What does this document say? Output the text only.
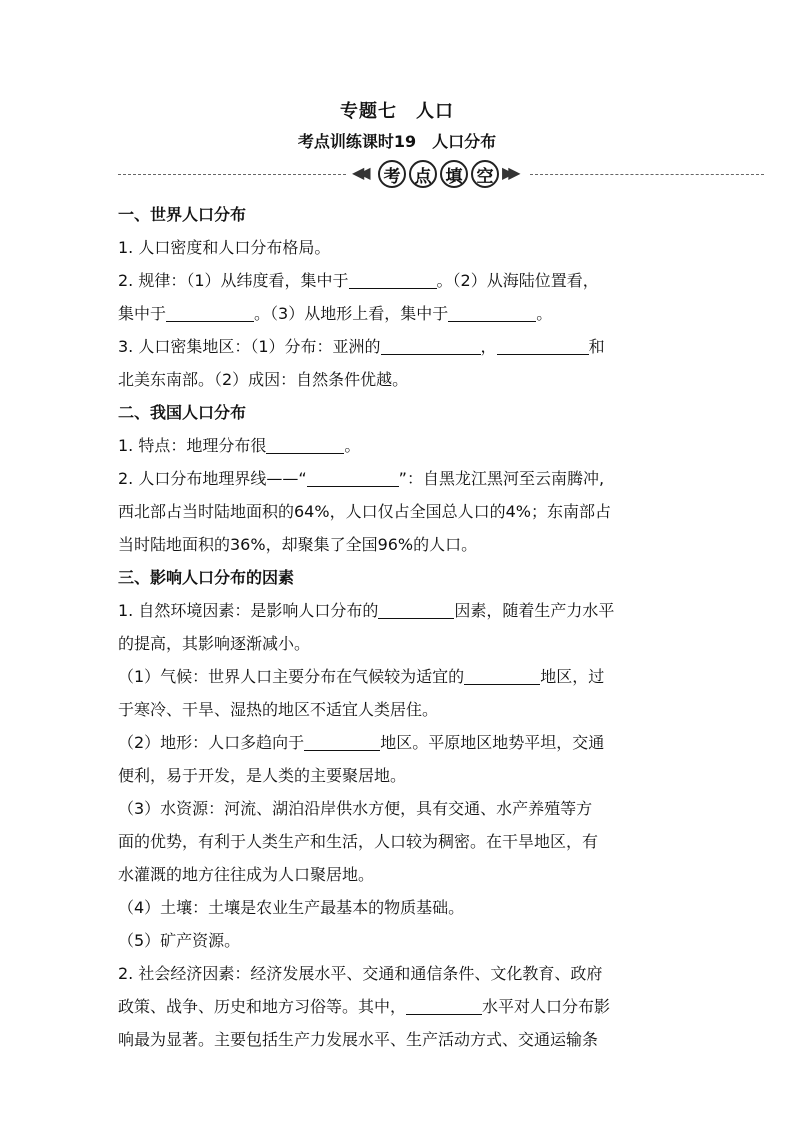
专题七　人口
考点训练课时19　人口分布
◀◀	考 点 填 空 ▶▶
一、世界人口分布
1. 人口密度和人口分布格局。
2. 规律：（1）从纬度看，集中于	。（2）从海陆位置看，
集中于	。（3）从地形上看，集中于	。
3. 人口密集地区：（1）分布：亚洲的	，	和
北美东南部。（2）成因：自然条件优越。
二、我国人口分布
1. 特点：地理分布很	。
2. 人口分布地理界线——“	”：自黑龙江黑河至云南腾冲,
西北部占当时陆地面积的64%，人口仅占全国总人口的4%；东南部占
当时陆地面积的36%，却聚集了全国96%的人口。
三、影响人口分布的因素
1. 自然环境因素：是影响人口分布的	因素，随着生产力水平
的提高，其影响逐渐减小。
（1）气候：世界人口主要分布在气候较为适宜的	地区，过
于寒冷、干旱、湿热的地区不适宜人类居住。
（2）地形：人口多趋向于	地区。平原地区地势平坦，交通
便利，易于开发，是人类的主要聚居地。
（3）水资源：河流、湖泊沿岸供水方便，具有交通、水产养殖等方
面的优势，有利于人类生产和生活，人口较为稠密。在干旱地区，有
水灌溉的地方往往成为人口聚居地。
（4）土壤：土壤是农业生产最基本的物质基础。
（5）矿产资源。
2. 社会经济因素：经济发展水平、交通和通信条件、文化教育、政府
政策、战争、历史和地方习俗等。其中，	水平对人口分布影
响最为显著。主要包括生产力发展水平、生产活动方式、交通运输条
